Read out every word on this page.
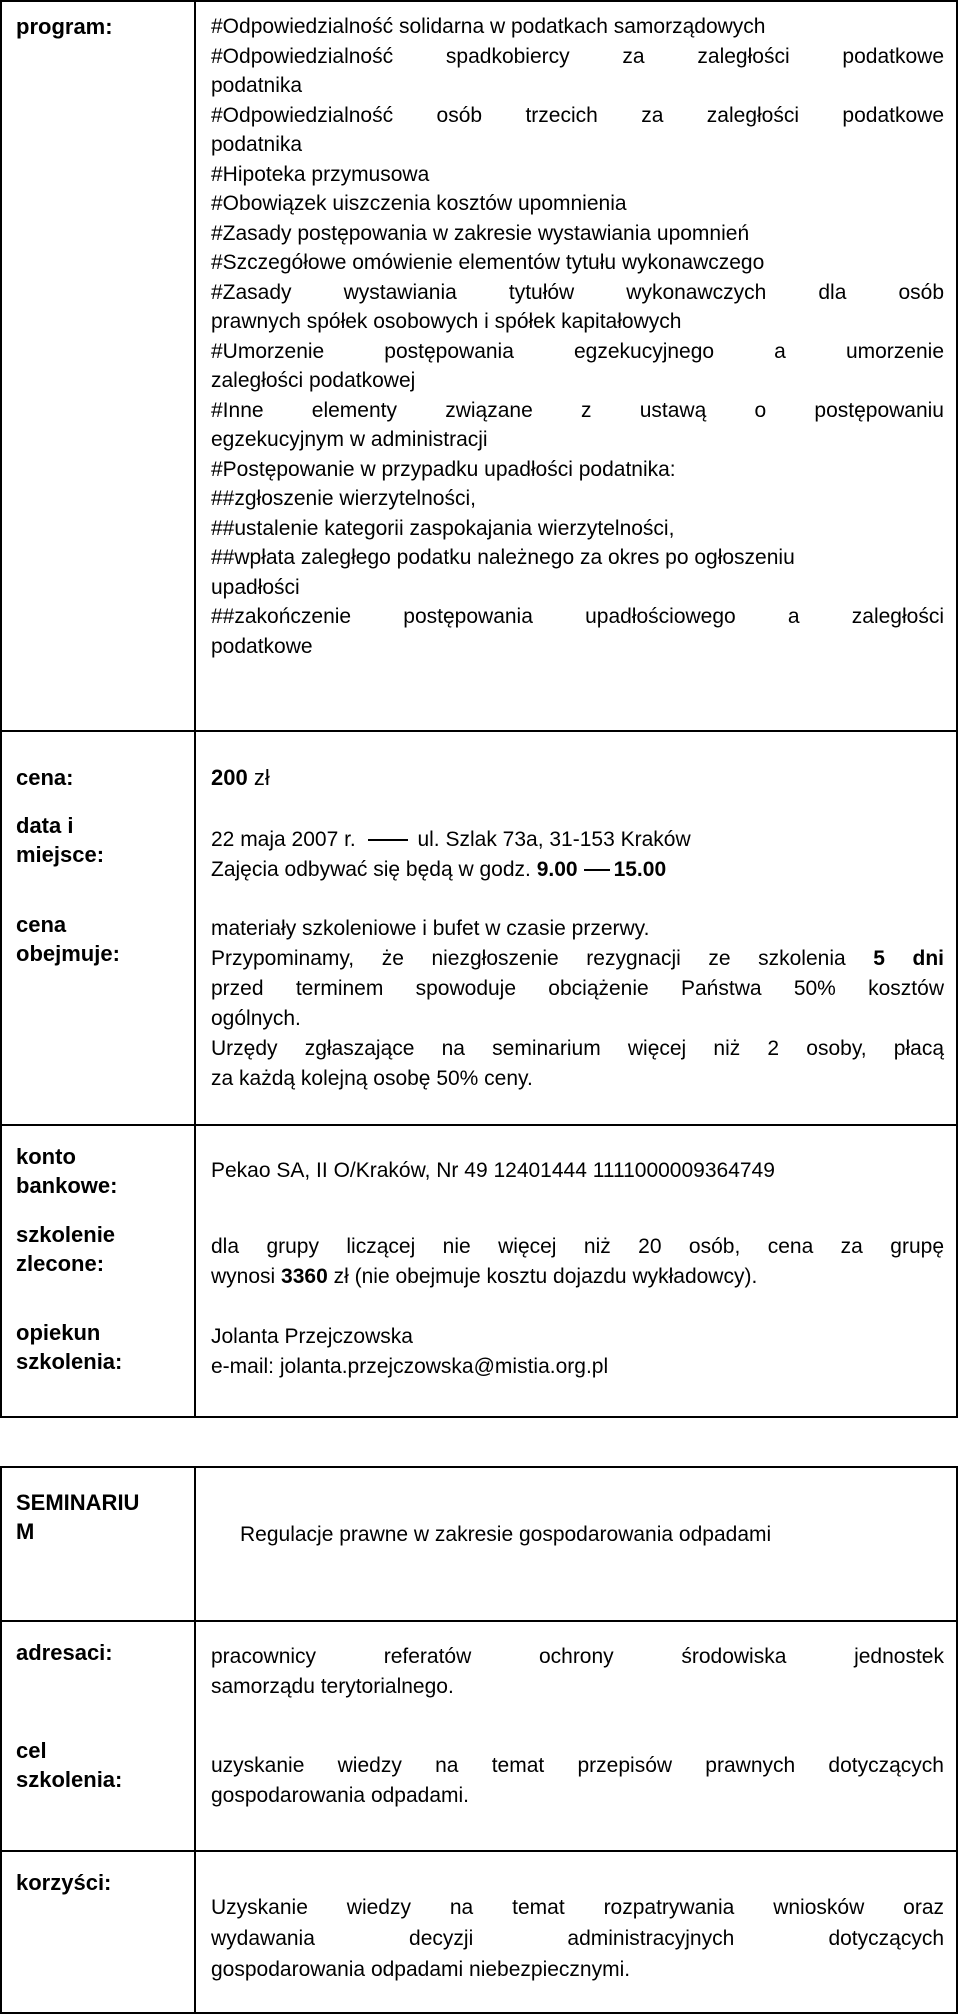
program:	#Odpowiedzialność solidarna w podatkach samorządowych
#Odpowiedzialność spadkobiercy za zaległości podatkowe
podatnika
#Odpowiedzialność osób trzecich za zaległości podatkowe
podatnika
#Hipoteka przymusowa
#Obowiązek uiszczenia kosztów upomnienia
#Zasady postępowania w zakresie wystawiania upomnień
#Szczegółowe omówienie elementów tytułu wykonawczego
#Zasady wystawiania tytułów wykonawczych dla osób
prawnych spółek osobowych i spółek kapitałowych
#Umorzenie postępowania egzekucyjnego a umorzenie
zaległości podatkowej
#Inne elementy związane z ustawą o postępowaniu
egzekucyjnym w administracji
#Postępowanie w przypadku upadłości podatnika:
##zgłoszenie wierzytelności,
##ustalenie kategorii zaspokajania wierzytelności,
##wpłata zaległego podatku należnego za okres po ogłoszeniu
upadłości
##zakończenie postępowania upadłościowego a zaległości
podatkowe
cena:	200 zł
data i
miejsce:
22 maja 2007 r.	ul. Szlak 73a, 31-153 Kraków
Zajęcia odbywać się będą w godz. 9.00 15.00
cena
obejmuje:
materiały szkoleniowe i bufet w czasie przerwy.
Przypominamy, że niezgłoszenie rezygnacji ze szkolenia 5 dni
przed terminem spowoduje obciążenie Państwa 50% kosztów
ogólnych.
Urzędy zgłaszające na seminarium więcej niż 2 osoby, płacą
za każdą kolejną osobę 50% ceny.
konto
bankowe:
Pekao SA, II O/Kraków, Nr 49 12401444 1111000009364749
szkolenie
zlecone:
dla grupy liczącej nie więcej niż 20 osób, cena za grupę
wynosi 3360 zł (nie obejmuje kosztu dojazdu wykładowcy).
opiekun
szkolenia:
Jolanta Przejczowska
e-mail: jolanta.przejczowska@mistia.org.pl
SEMINARIU
M	Regulacje prawne w zakresie gospodarowania odpadami
adresaci:	pracownicy referatów ochrony środowiska jednostek
samorządu terytorialnego.
cel
szkolenia:
uzyskanie wiedzy na temat przepisów prawnych dotyczących
gospodarowania odpadami.
korzyści:
Uzyskanie wiedzy na temat rozpatrywania wniosków oraz
wydawania decyzji administracyjnych dotyczących
gospodarowania odpadami niebezpiecznymi.
